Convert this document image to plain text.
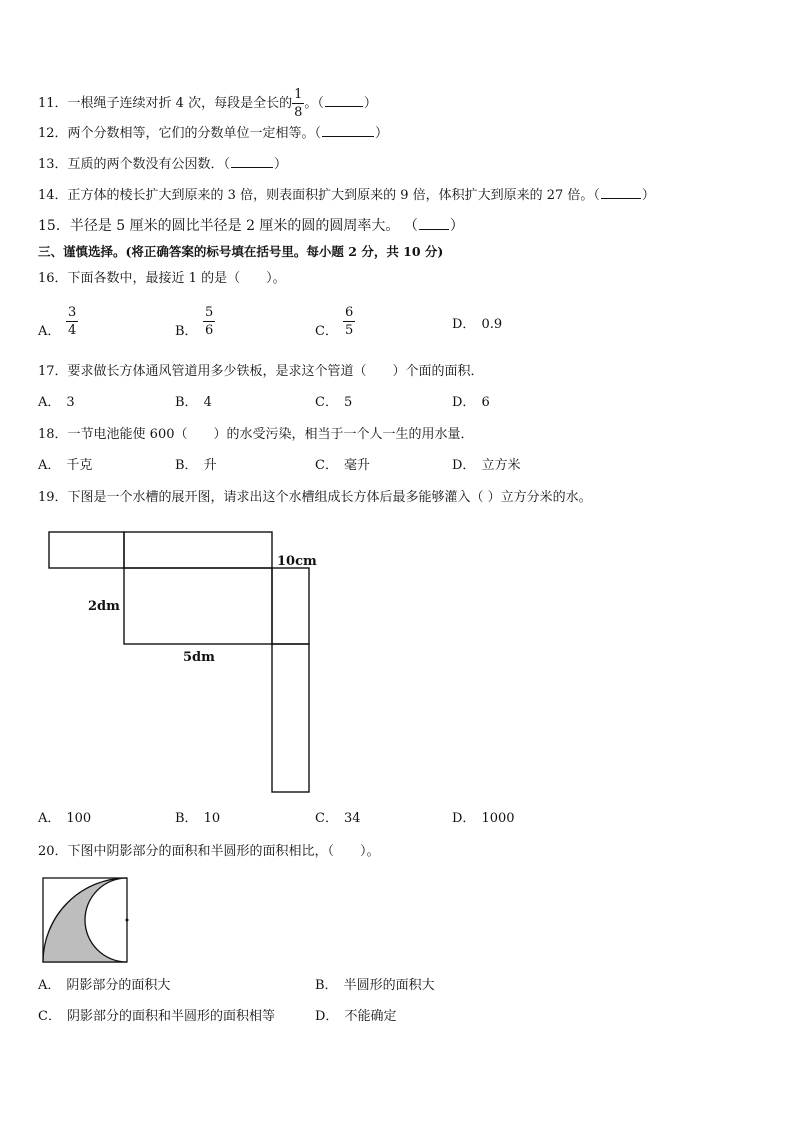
11．一根绳子连续对折 4 次，每段是全长的 $\frac{1}{8}$ 。（	）
12．两个分数相等，它们的分数单位一定相等。（	）
13．互质的两个数没有公因数．（	）
14．正方体的棱长扩大到原来的 3 倍，则表面积扩大到原来的 9 倍，体积扩大到原来的 27 倍。（	）
15．半径是 5 厘米的圆比半径是 2 厘米的圆的圆周率大。 （ ）
三、谨慎选择。(将正确答案的标号填在括号里。每小题 2 分，共 10 分)
16．下面各数中，最接近 1 的是（　　）。
A． $\frac{3}{4}$	B． $\frac{5}{6}$	C． $\frac{6}{5}$	D． 0.9
17．要求做长方体通风管道用多少铁板，是求这个管道（　　）个面的面积．
A． 3	B． 4	C． 5	D． 6
18．一节电池能使 600（　　）的水受污染，相当于一个人一生的用水量．
A． 千克	B． 升	C． 毫升	D． 立方米
19．下图是一个水槽的展开图，请求出这个水槽组成长方体后最多能够灌入（ ）立方分米的水。
10cm
2dm
5dm
A． 100	B． 10	C． 34	D． 1000
20．下图中阴影部分的面积和半圆形的面积相比，（　　）。
A． 阴影部分的面积大	B． 半圆形的面积大
C． 阴影部分的面积和半圆形的面积相等	D． 不能确定
